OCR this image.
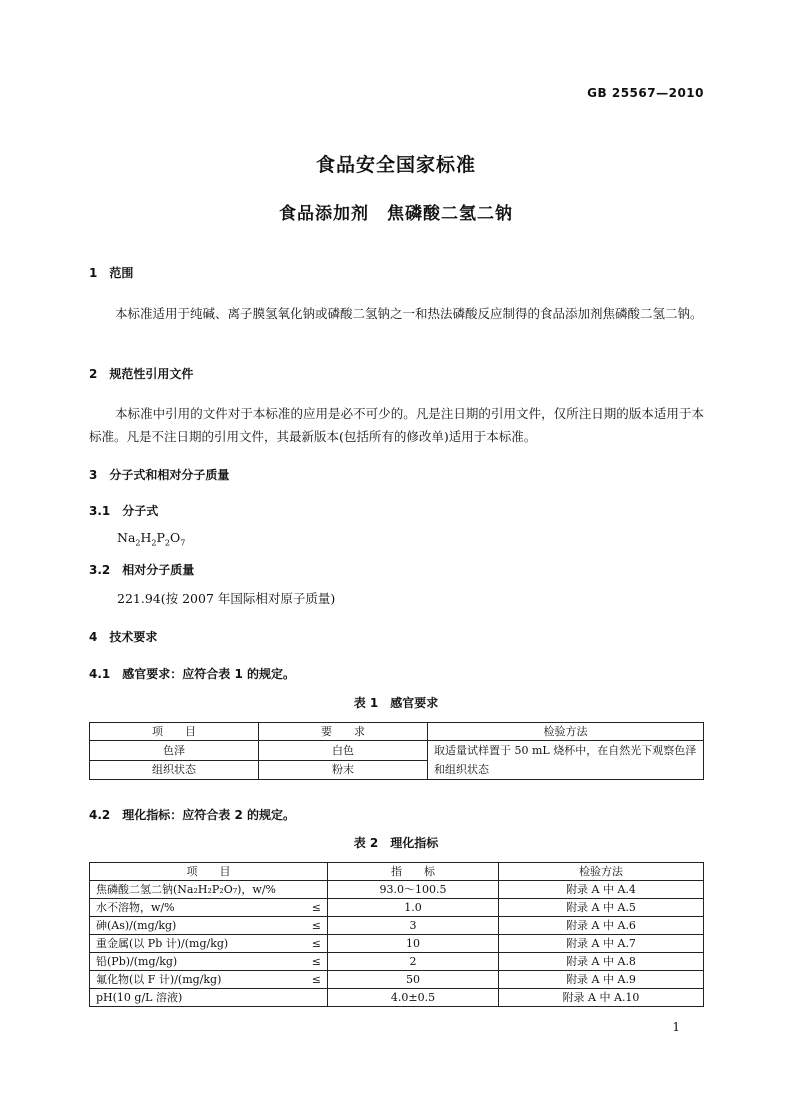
GB 25567—2010
食品安全国家标准
食品添加剂　焦磷酸二氢二钠
1 范围
本标准适用于纯碱、离子膜氢氧化钠或磷酸二氢钠之一和热法磷酸反应制得的食品添加剂焦磷酸二氢二钠。
2 规范性引用文件
本标准中引用的文件对于本标准的应用是必不可少的。凡是注日期的引用文件，仅所注日期的版本适用于本标准。凡是不注日期的引用文件，其最新版本(包括所有的修改单)适用于本标准。
3 分子式和相对分子质量
3.1 分子式
$Na_2H_2P_2O_7$
3.2 相对分子质量
221.94(按 2007 年国际相对原子质量)
4 技术要求
4.1 感官要求：应符合表 1 的规定。
表 1　感官要求
项　　目	要　　求	检验方法
色泽	白色	取适量试样置于 50 mL 烧杯中，在自然光下观察色泽和组织状态
组织状态	粉末	
4.2 理化指标：应符合表 2 的规定。
表 2　理化指标
项　　目	指　　标	检验方法
焦磷酸二氢二钠(Na₂H₂P₂O₇)，w/%	93.0～100.5	附录 A 中 A.4
水不溶物，w/% ≤	1.0	附录 A 中 A.5
砷(As)/(mg/kg) ≤	3	附录 A 中 A.6
重金属(以 Pb 计)/(mg/kg) ≤	10	附录 A 中 A.7
铅(Pb)/(mg/kg) ≤	2	附录 A 中 A.8
氟化物(以 F 计)/(mg/kg) ≤	50	附录 A 中 A.9
pH(10 g/L 溶液)	4.0±0.5	附录 A 中 A.10
1
